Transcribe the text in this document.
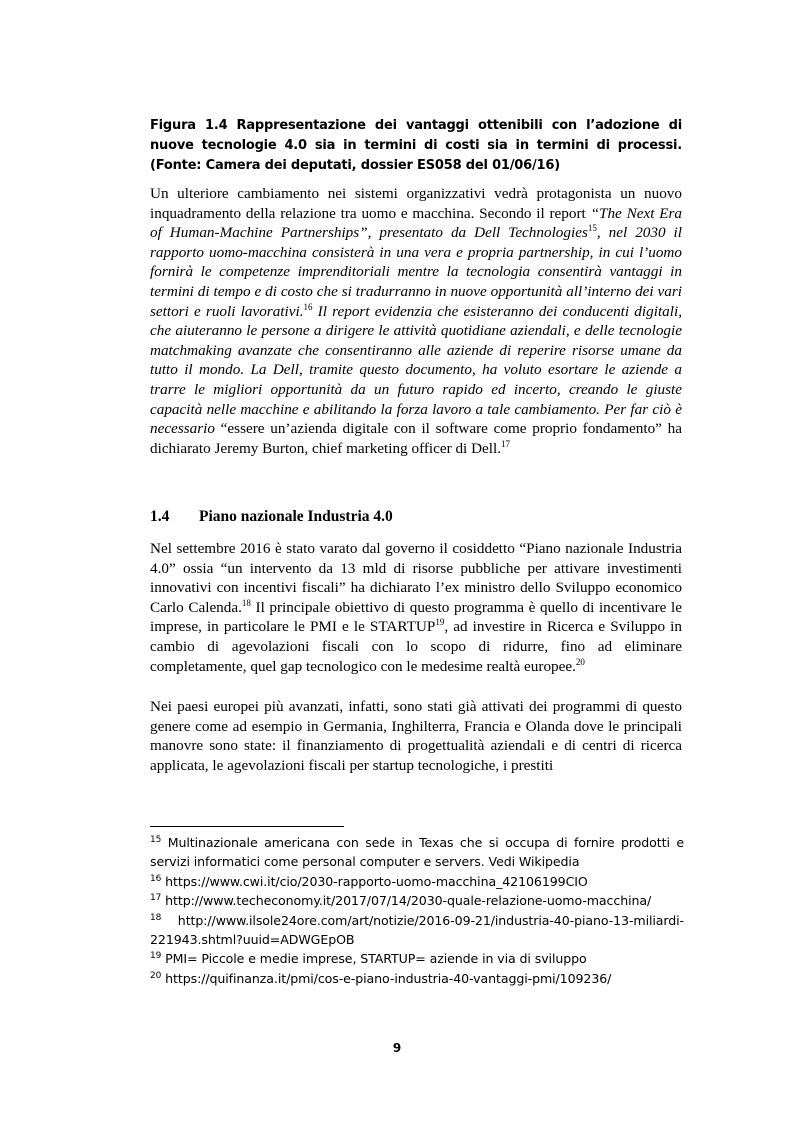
Figura 1.4 Rappresentazione dei vantaggi ottenibili con l’adozione di nuove tecnologie 4.0 sia in termini di costi sia in termini di processi. (Fonte: Camera dei deputati, dossier ES058 del 01/06/16)
Un ulteriore cambiamento nei sistemi organizzativi vedrà protagonista un nuovo inquadramento della relazione tra uomo e macchina. Secondo il report “The Next Era of Human-Machine Partnerships”, presentato da Dell Technologies$^{15}$, nel 2030 il rapporto uomo-macchina consisterà in una vera e propria partnership, in cui l’uomo fornirà le competenze imprenditoriali mentre la tecnologia consentirà vantaggi in termini di tempo e di costo che si tradurranno in nuove opportunità all’interno dei vari settori e ruoli lavorativi.$^{16}$ Il report evidenzia che esisteranno dei conducenti digitali, che aiuteranno le persone a dirigere le attività quotidiane aziendali, e delle tecnologie matchmaking avanzate che consentiranno alle aziende di reperire risorse umane da tutto il mondo. La Dell, tramite questo documento, ha voluto esortare le aziende a trarre le migliori opportunità da un futuro rapido ed incerto, creando le giuste capacità nelle macchine e abilitando la forza lavoro a tale cambiamento. Per far ciò è necessario “essere un’azienda digitale con il software come proprio fondamento” ha dichiarato Jeremy Burton, chief marketing officer di Dell.$^{17}$
1.4 Piano nazionale Industria 4.0
Nel settembre 2016 è stato varato dal governo il cosiddetto “Piano nazionale Industria 4.0” ossia “un intervento da 13 mld di risorse pubbliche per attivare investimenti innovativi con incentivi fiscali” ha dichiarato l’ex ministro dello Sviluppo economico Carlo Calenda.$^{18}$ Il principale obiettivo di questo programma è quello di incentivare le imprese, in particolare le PMI e le STARTUP$^{19}$, ad investire in Ricerca e Sviluppo in cambio di agevolazioni fiscali con lo scopo di ridurre, fino ad eliminare completamente, quel gap tecnologico con le medesime realtà europee.$^{20}$
Nei paesi europei più avanzati, infatti, sono stati già attivati dei programmi di questo genere come ad esempio in Germania, Inghilterra, Francia e Olanda dove le principali manovre sono state: il finanziamento di progettualità aziendali e di centri di ricerca applicata, le agevolazioni fiscali per startup tecnologiche, i prestiti

$^{15}$ Multinazionale americana con sede in Texas che si occupa di fornire prodotti e servizi informatici come personal computer e servers. Vedi Wikipedia

$^{16}$ https://www.cwi.it/cio/2030-rapporto-uomo-macchina_42106199CIO

$^{17}$ http://www.techeconomy.it/2017/07/14/2030-quale-relazione-uomo-macchina/

$^{18}$ http://www.ilsole24ore.com/art/notizie/2016-09-21/industria-40-piano-13-miliardi-221943.shtml?uuid=ADWGEpOB

$^{19}$ PMI= Piccole e medie imprese, STARTUP= aziende in via di sviluppo

$^{20}$ https://quifinanza.it/pmi/cos-e-piano-industria-40-vantaggi-pmi/109236/

9
